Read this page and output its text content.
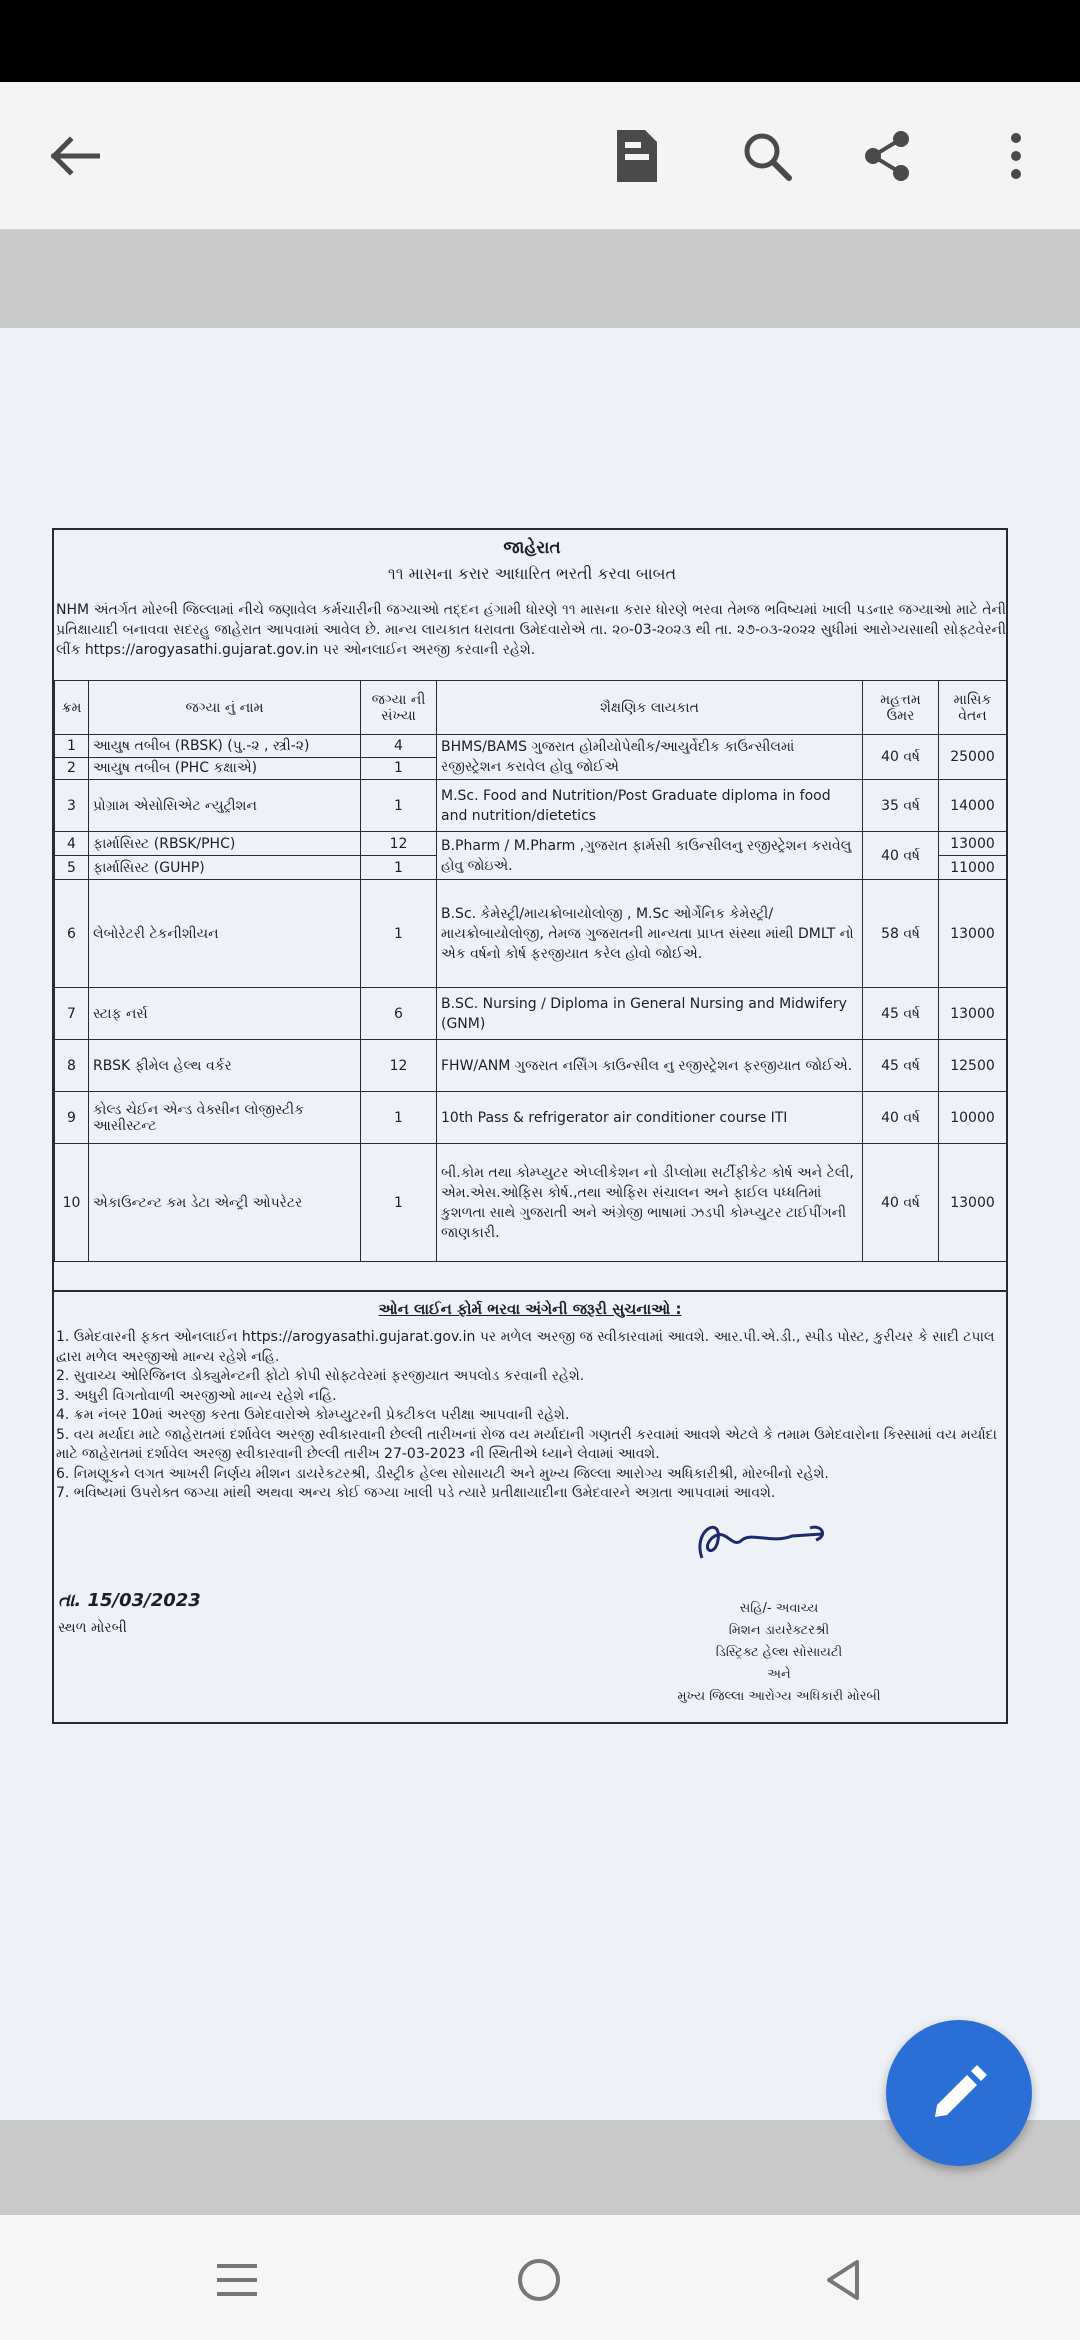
જાહેરાત
૧૧ માસના કરાર આધારિત ભરતી કરવા બાબત
NHM અંતર્ગત મોરબી જિલ્લામાં નીચે જણાવેલ કર્મચારીની જગ્યાઓ તદ્દન હંગામી ધોરણે ૧૧ માસના કરાર ધોરણે ભરવા તેમજ ભવિષ્યમાં ખાલી પડનાર જગ્યાઓ માટે તેની પ્રતિક્ષાયાદી બનાવવા સદરહુ જાહેરાત આપવામાં આવેલ છે. માન્ય લાયકાત ધરાવતા ઉમેદવારોએ તા. ૨૦-03-૨૦૨૩ થી તા. ૨૭-૦૩-૨૦૨૨ સુધીમાં આરોગ્યસાથી સોફ્ટવેરની લીંક https://arogyasathi.gujarat.gov.in પર ઓનલાઈન અરજી કરવાની રહેશે.
ક્રમ	જગ્યા નું નામ	જગ્યા ની સંખ્યા	શૈક્ષણિક લાયકાત	મહત્તમ ઉંમર	માસિક વેતન
1	આયુષ તબીબ (RBSK) (પુ.-૨ , સ્ત્રી-૨)	4	BHMS/BAMS ગુજરાત હોમીયોપેથીક/આયુર્વેદીક કાઉન્સીલમાં રજીસ્ટ્રેશન કરાવેલ હોવુ જોઈએ	40 વર્ષ	25000
2	આયુષ તબીબ (PHC કક્ષાએ)	1			
3	પ્રોગ્રામ એસોસિએટ ન્યુટ્રીશન	1	M.Sc. Food and Nutrition/Post Graduate diploma in food and nutrition/dietetics	35 વર્ષ	14000
4	ફાર્માસિસ્ટ (RBSK/PHC)	12	B.Pharm / M.Pharm ,ગુજરાત ફાર્મસી કાઉન્સીલનુ રજીસ્ટ્રેશન કરાવેલુ હોવુ જોઇએ.	40 વર્ષ	13000
5	ફાર્માસિસ્ટ (GUHP)	1			11000
6	લેબોરેટરી ટેકનીશીયન	1	B.Sc. કેમેસ્ટ્રી/માયક્રોબાયોલોજી , M.Sc ઓર્ગેનિક કેમેસ્ટ્રી/ માયક્રોબાયોલોજી, તેમજ ગુજરાતની માન્યતા પ્રાપ્ત સંસ્થા માંથી DMLT નો એક વર્ષનો કોર્ષ ફરજીયાત કરેલ હોવો જોઈએ.	58 વર્ષ	13000
7	સ્ટાફ નર્સ	6	B.SC. Nursing / Diploma in General Nursing and Midwifery (GNM)	45 વર્ષ	13000
8	RBSK ફીમેલ હેલ્થ વર્કર	12	FHW/ANM ગુજરાત નર્સિંગ કાઉન્સીલ નુ રજીસ્ટ્રેશન ફરજીયાત જોઈએ.	45 વર્ષ	12500
9	કોલ્ડ ચેઈન એન્ડ વેક્સીન લોજીસ્ટીક આસીસ્ટન્ટ	1	10th Pass & refrigerator air conditioner course ITI	40 વર્ષ	10000
10	એકાઉન્ટન્ટ કમ ડેટા એન્ટ્રી ઓપરેટર	1	બી.કોમ તથા કોમ્પ્યુટર એપ્લીકેશન નો ડીપ્લોમા સર્ટીફીકેટ કોર્ષ અને ટેલી, એમ.એસ.ઓફિસ કોર્ષ.,તથા ઓફિસ સંચાલન અને ફાઈલ પધ્ધતિમાં કુશળતા સાથે ગુજરાતી અને અંગ્રેજી ભાષામાં ઝડપી કોમ્પ્યુટર ટાઈપીંગની જાણકારી.	40 વર્ષ	13000
ઓન લાઈન ફોર્મ ભરવા અંગેની જરૂરી સુચનાઓ :
1. ઉમેદવારની ફકત ઓનલાઈન https://arogyasathi.gujarat.gov.in પર મળેલ અરજી જ સ્વીકારવામાં આવશે. આર.પી.એ.ડી., સ્પીડ પોસ્ટ, કુરીયર કે સાદી ટપાલ દ્વારા મળેલ અરજીઓ માન્ય રહેશે નહિ.
2. સુવાચ્ય ઓરિજિનલ ડોક્યુમેન્ટની ફોટો કોપી સોફ્ટવેરમાં ફરજીયાત અપલોડ કરવાની રહેશે.
3. અધુરી વિગતોવાળી અરજીઓ માન્ય રહેશે નહિ.
4. ક્રમ નંબર 10માં અરજી કરતા ઉમેદવારોએ કોમ્પ્યુટરની પ્રેક્ટીકલ પરીક્ષા આપવાની રહેશે.
5. વય મર્યાદા માટે જાહેરાતમાં દર્શાવેલ અરજી સ્વીકારવાની છેલ્લી તારીખનાં રોજ વય મર્યાદાની ગણતરી કરવામાં આવશે એટલે કે તમામ ઉમેદવારોના કિસ્સામાં વય મર્યાદા માટે જાહેરાતમાં દર્શાવેલ અરજી સ્વીકારવાની છેલ્લી તારીખ 27-03-2023 ની સ્થિતીએ ધ્યાને લેવામાં આવશે.
6. નિમણૂકને લગત આખરી નિર્ણય મીશન ડાયરેકટરશ્રી, ડીસ્ટ્રીક હેલ્થ સોસાયટી અને મુખ્ય જિલ્લા આરોગ્ય અધિકારીશ્રી, મોરબીનો રહેશે.
7. ભવિષ્યમાં ઉપરોક્ત જગ્યા માંથી અથવા અન્ય કોઈ જગ્યા ખાલી પડે ત્યારે પ્રતીક્ષાયાદીના ઉમેદવારને અગ્રતા આપવામાં આવશે.
તા. 15/03/2023
સ્થળ મોરબી
સહિ/- અવાચ્ય
મિશન ડાયરેક્ટરશ્રી
ડિસ્ટ્રિક્ટ હેલ્થ સોસાયટી
અને
મુખ્ય જિલ્લા આરોગ્ય અધિકારી મોરબી
